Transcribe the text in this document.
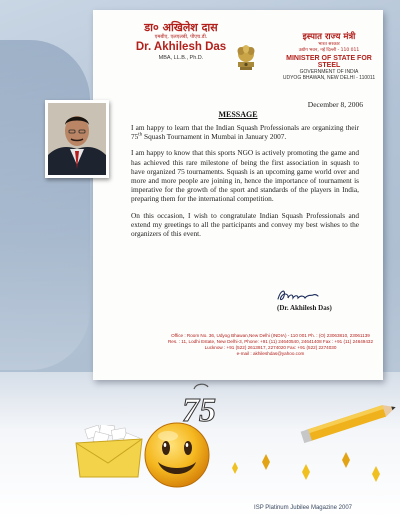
डा० अखिलेश दास
एमबीए, एलएलबी, पीएच.डी.
Dr. Akhilesh Das
MBA, LL.B., Ph.D.
इस्पात राज्य मंत्री
भारत सरकार
उद्योग भवन, नई दिल्ली - 110 011
MINISTER OF STATE FOR STEEL
GOVERNMENT OF INDIA
UDYOG BHAWAN, NEW DELHI - 110011
December 8, 2006
MESSAGE

I am happy to learn that the Indian Squash Professionals are organizing their 75th Squash Tournament in Mumbai in January 2007.

I am happy to know that this sports NGO is actively promoting the game and has achieved this rare milestone of being the first association in squash to have organized 75 tournaments. Squash is an upcoming game world over and more and more people are joining in, hence the importance of tournament is imperative for the growth of the sport and standards of the players in India, preparing them for the international competition.

On this occasion, I wish to congratulate Indian Squash Professionals and extend my greetings to all the participants and convey my best wishes to the organizers of this event.

(Dr. Akhilesh Das)
Office : Room No. 36, Udyog Bhawan,New Delhi (INDIA) - 110 001 Ph. : (O) 23063810, 23061139
Res. : 11, Lodhi Estate, New Delhi-3, Phone: +91 (11) 24640540, 24641408 Fax : +91 (11) 24649432
Lucknow : +91 (522) 2613917, 2274020 Fax: +91 (522) 2274030
e-mail : akhileshdas@yahoo.com
75
ISP Platinum Jubilee Magazine 2007
